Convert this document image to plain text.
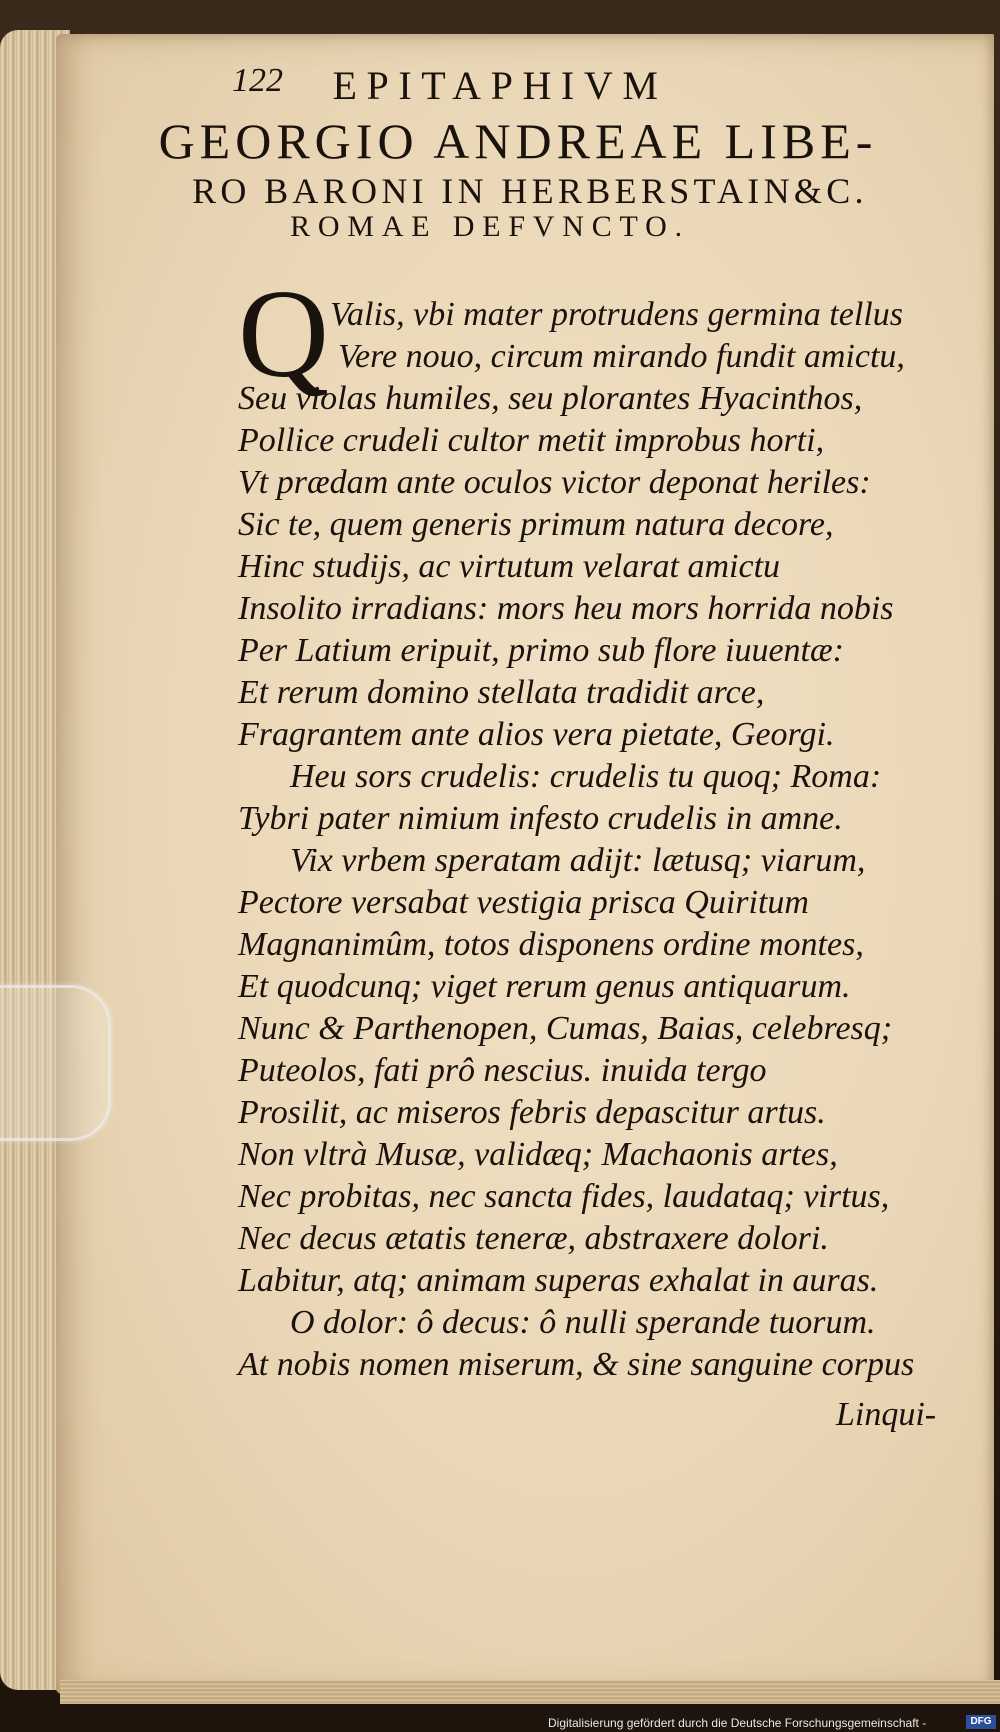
122	EPITAPHIVM
GEORGIO ANDREAE LIBE-
RO BARONI IN HERBERSTAIN&C.
ROMAE DEFVNCTO.
Q Valis, vbi mater protrudens germina tellus
Vere nouo, circum mirando fundit amictu,
Seu violas humiles, seu plorantes Hyacinthos,
Pollice crudeli cultor metit improbus horti,
Vt prædam ante oculos victor deponat heriles:
Sic te, quem generis primum natura decore,
Hinc studijs, ac virtutum velarat amictu
Insolito irradians: mors heu mors horrida nobis
Per Latium eripuit, primo sub flore iuuentæ:
Et rerum domino stellata tradidit arce,
Fragrantem ante alios vera pietate, Georgi.
Heu sors crudelis: crudelis tu quoq; Roma:
Tybri pater nimium infesto crudelis in amne.
Vix vrbem speratam adijt: lætusq; viarum,
Pectore versabat vestigia prisca Quiritum
Magnanimûm, totos disponens ordine montes,
Et quodcunq; viget rerum genus antiquarum.
Nunc & Parthenopen, Cumas, Baias, celebresq;
Puteolos, fati prô nescius. inuida tergo
Prosilit, ac miseros febris depascitur artus.
Non vltrà Musæ, validæq; Machaonis artes,
Nec probitas, nec sancta fides, laudataq; virtus,
Nec decus ætatis teneræ, abstraxere dolori.
Labitur, atq; animam superas exhalat in auras.
O dolor: ô decus: ô nulli sperande tuorum.
At nobis nomen miserum, & sine sanguine corpus
Linqui-
Digitalisierung gefördert durch die Deutsche Forschungsgemeinschaft -	DFG
